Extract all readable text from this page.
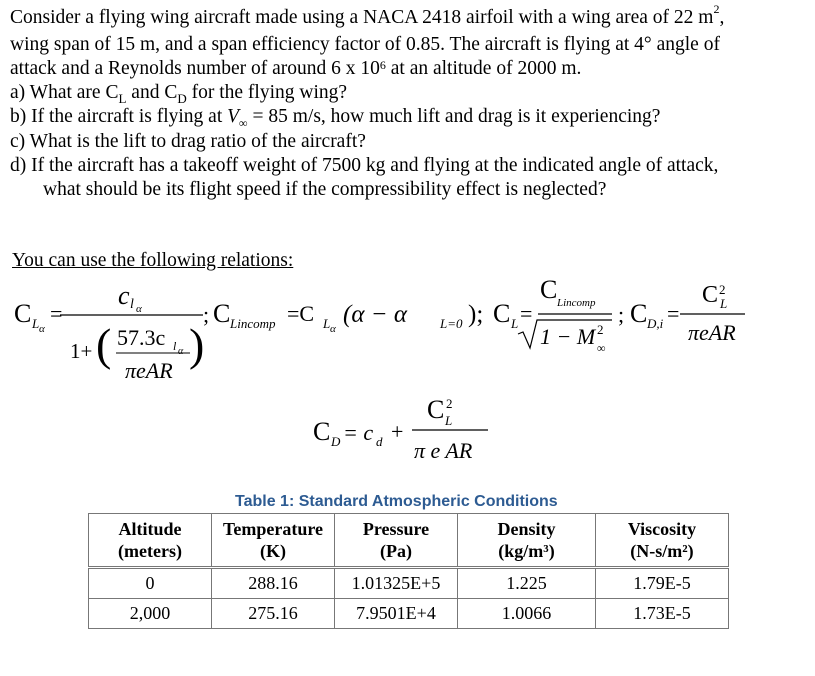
Consider a flying wing aircraft made using a NACA 2418 airfoil with a wing area of 22 $m^2$,
wing span of 15 m, and a span efficiency factor of 0.85. The aircraft is flying at 4° angle of
attack and a Reynolds number of around 6 x $10^6$ at an altitude of 2000 m.
a) What are $C_L$ and $C_D$ for the flying wing?
b) If the aircraft is flying at $V_\infty = 85$ m/s, how much lift and drag is it experiencing?
c) What is the lift to drag ratio of the aircraft?
d) If the aircraft has a takeoff weight of 7500 kg and flying at the indicated angle of attack,
what should be its flight speed if the compressibility effect is neglected?
You can use the following relations:
C L α
=
c l α
1+ ( 57.3c l α
πeAR
)
; C Lincomp =C L α
(α − α	L=0 ); C L =
C Lincomp
1 − M 2
∞
; C D,i =
C 2
L
πeAR
C D = c d +
C 2
L
π e AR
Table 1: Standard Atmospheric Conditions
Altitude
(meters)	Temperature
(K)	Pressure
(Pa)	Density
(kg/m³)	Viscosity
(N-s/m²)
0	288.16	1.01325E+5	1.225	1.79E-5
2,000	275.16	7.9501E+4	1.0066	1.73E-5
